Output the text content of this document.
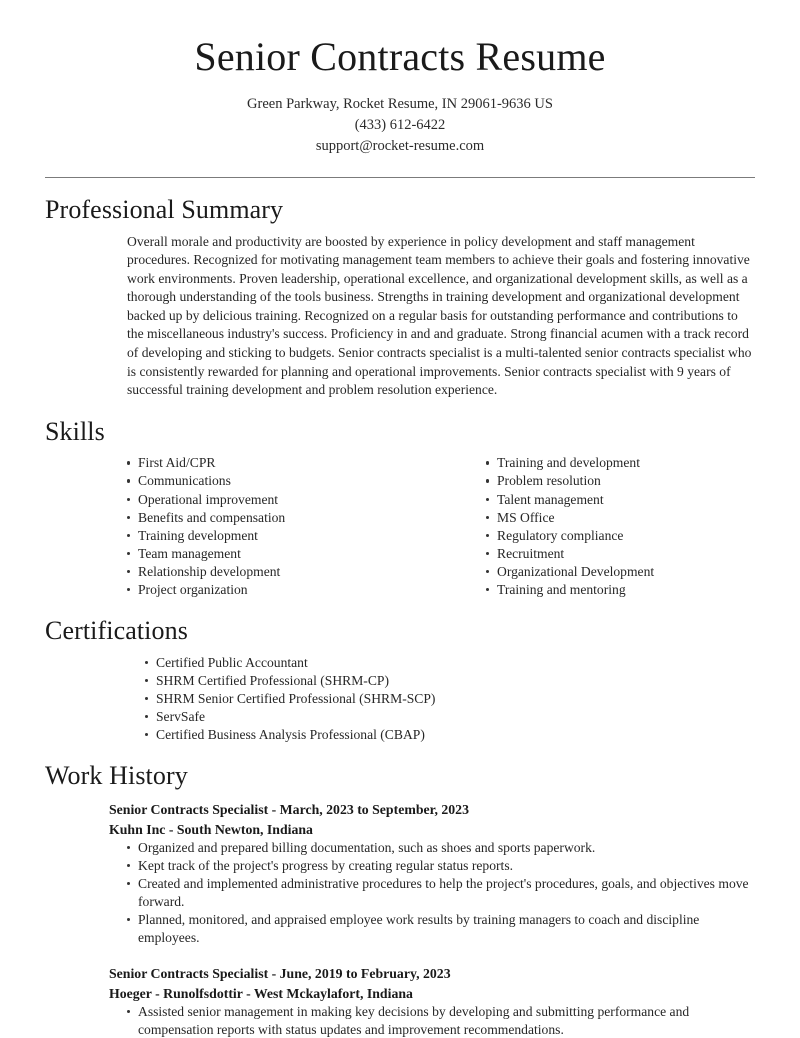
Senior Contracts Resume
Green Parkway, Rocket Resume, IN 29061-9636 US
(433) 612-6422
support@rocket-resume.com
Professional Summary

Overall morale and productivity are boosted by experience in policy development and staff management procedures. Recognized for motivating management team members to achieve their goals and fostering innovative work environments. Proven leadership, operational excellence, and organizational development skills, as well as a thorough understanding of the tools business. Strengths in training development and organizational development backed up by delicious training. Recognized on a regular basis for outstanding performance and contributions to the miscellaneous industry's success. Proficiency in and and graduate. Strong financial acumen with a track record of developing and sticking to budgets. Senior contracts specialist is a multi-talented senior contracts specialist who is consistently rewarded for planning and operational improvements. Senior contracts specialist with 9 years of successful training development and problem resolution experience.

Skills
First Aid/CPR
Communications
Operational improvement
Benefits and compensation
Training development
Team management
Relationship development
Project organization
Training and development
Problem resolution
Talent management
MS Office
Regulatory compliance
Recruitment
Organizational Development
Training and mentoring
Certifications
Certified Public Accountant
SHRM Certified Professional (SHRM-CP)
SHRM Senior Certified Professional (SHRM-SCP)
ServSafe
Certified Business Analysis Professional (CBAP)
Work History
Senior Contracts Specialist - March, 2023 to September, 2023
Kuhn Inc - South Newton, Indiana
Organized and prepared billing documentation, such as shoes and sports paperwork.
Kept track of the project's progress by creating regular status reports.
Created and implemented administrative procedures to help the project's procedures, goals, and objectives move forward.
Planned, monitored, and appraised employee work results by training managers to coach and discipline employees.
Senior Contracts Specialist - June, 2019 to February, 2023
Hoeger - Runolfsdottir - West Mckaylafort, Indiana
Assisted senior management in making key decisions by developing and submitting performance and compensation reports with status updates and improvement recommendations.
